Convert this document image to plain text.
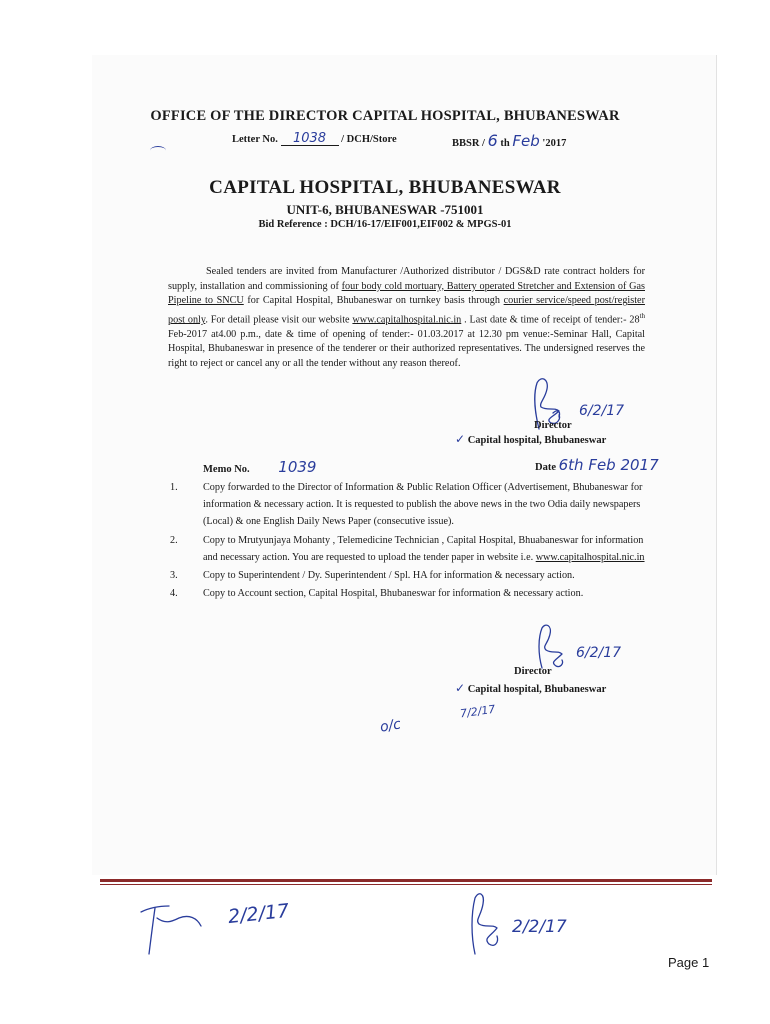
OFFICE OF THE DIRECTOR CAPITAL HOSPITAL, BHUBANESWAR
Letter No. 1038 / DCH/Store	BBSR / 6 th Feb '2017
CAPITAL HOSPITAL, BHUBANESWAR
UNIT-6, BHUBANESWAR -751001
Bid Reference : DCH/16-17/EIF001,EIF002 & MPGS-01
Sealed tenders are invited from Manufacturer /Authorized distributor / DGS&D rate contract holders for supply, installation and commissioning of four body cold mortuary, Battery operated Stretcher and Extension of Gas Pipeline to SNCU for Capital Hospital, Bhubaneswar on turnkey basis through courier service/speed post/register post only. For detail please visit our website www.capitalhospital.nic.in . Last date & time of receipt of tender:- 28th Feb-2017 at4.00 p.m., date & time of opening of tender:- 01.03.2017 at 12.30 pm venue:-Seminar Hall, Capital Hospital, Bhubaneswar in presence of the tenderer or their authorized representatives. The undersigned reserves the right to reject or cancel any or all the tender without any reason thereof.
6/2/17
Director
✓ Capital hospital, Bhubaneswar
Memo No. 1039	Date 6th Feb 2017
1. Copy forwarded to the Director of Information & Public Relation Officer (Advertisement, Bhubaneswar for information & necessary action. It is requested to publish the above news in the two Odia daily newspapers (Local) & one English Daily News Paper (consecutive issue).
2. Copy to Mrutyunjaya Mohanty , Telemedicine Technician , Capital Hospital, Bhuabaneswar for information and necessary action. You are requested to upload the tender paper in website i.e. www.capitalhospital.nic.in
3. Copy to Superintendent / Dy. Superintendent / Spl. HA for information & necessary action.
4. Copy to Account section, Capital Hospital, Bhubaneswar for information & necessary action.
6/2/17
Director
✓ Capital hospital, Bhubaneswar
7/2/17
o/c
2/2/17	2/2/17
Page 1
